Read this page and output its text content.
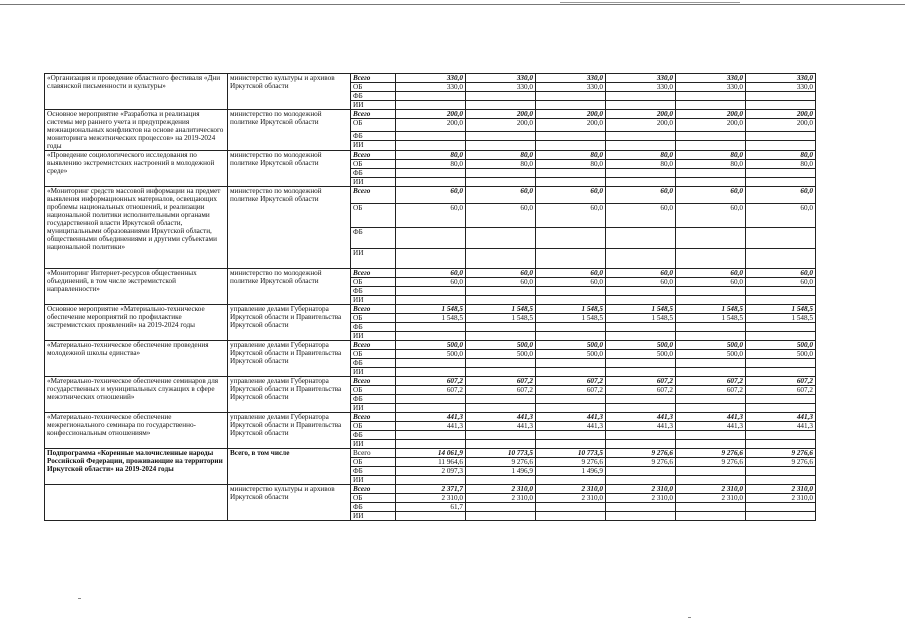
«Организация и проведение областного фестиваля «Дни славянской письменности и культуры»	министерство культуры и архивов Иркутской области	Всего	330,0	330,0	330,0	330,0	330,0	330,0
		ОБ	330,0	330,0	330,0	330,0	330,0	330,0
		ФБ						
		ИИ						
Основное мероприятие «Разработка и реализация системы мер раннего учета и предупреждения межнациональных конфликтов на основе аналитического мониторинга межэтнических процессов» на 2019-2024 годы	министерство по молодежной политике Иркутской области	Всего	200,0	200,0	200,0	200,0	200,0	200,0
		ОБ	200,0	200,0	200,0	200,0	200,0	200,0
		ФБ						
		ИИ						
«Проведение социологического исследования по выявлению экстремистских настроений в молодежной среде»	министерство по молодежной политике Иркутской области	Всего	80,0	80,0	80,0	80,0	80,0	80,0
		ОБ	80,0	80,0	80,0	80,0	80,0	80,0
		ФБ						
		ИИ						
«Мониторинг средств массовой информации на предмет выявления информационных материалов, освещающих проблемы национальных отношений, и реализации национальной политики исполнительными органами государственной власти Иркутской области, муниципальными образованиями Иркутской области, общественными объединениями и другими субъектами национальной политики»	министерство по молодежной политике Иркутской области	Всего	60,0	60,0	60,0	60,0	60,0	60,0
		ОБ	60,0	60,0	60,0	60,0	60,0	60,0
		ФБ						
		ИИ						
«Мониторинг Интернет-ресурсов общественных объединений, в том числе экстремистской направленности»	министерство по молодежной политике Иркутской области	Всего	60,0	60,0	60,0	60,0	60,0	60,0
		ОБ	60,0	60,0	60,0	60,0	60,0	60,0
		ФБ						
		ИИ						
Основное мероприятие «Материально-техническое обеспечение мероприятий по профилактике экстремистских проявлений» на 2019-2024 годы	управление делами Губернатора Иркутской области и Правительства Иркутской области	Всего	1 548,5	1 548,5	1 548,5	1 548,5	1 548,5	1 548,5
		ОБ	1 548,5	1 548,5	1 548,5	1 548,5	1 548,5	1 548,5
		ФБ						
		ИИ						
«Материально-техническое обеспечение проведения молодежной школы единства»	управление делами Губернатора Иркутской области и Правительства Иркутской области	Всего	500,0	500,0	500,0	500,0	500,0	500,0
		ОБ	500,0	500,0	500,0	500,0	500,0	500,0
		ФБ						
		ИИ						
«Материально-техническое обеспечение семинаров для государственных и муниципальных служащих в сфере межэтнических отношений»	управление делами Губернатора Иркутской области и Правительства Иркутской области	Всего	607,2	607,2	607,2	607,2	607,2	607,2
		ОБ	607,2	607,2	607,2	607,2	607,2	607,2
		ФБ						
		ИИ						
«Материально-техническое обеспечение межрегионального семинара по государственно-конфессиональным отношениям»	управление делами Губернатора Иркутской области и Правительства Иркутской области	Всего	441,3	441,3	441,3	441,3	441,3	441,3
		ОБ	441,3	441,3	441,3	441,3	441,3	441,3
		ФБ						
		ИИ						
Подпрограмма «Коренные малочисленные народы Российской Федерации, проживающие на территории Иркутской области» на 2019-2024 годы	Всего, в том числе	Всего	14 061,9	10 773,5	10 773,5	9 276,6	9 276,6	9 276,6
		ОБ	11 964,6	9 276,6	9 276,6	9 276,6	9 276,6	9 276,6
		ФБ	2 097,3	1 496,9	1 496,9			
		ИИ						
	министерство культуры и архивов Иркутской области	Всего	2 371,7	2 310,0	2 310,0	2 310,0	2 310,0	2 310,0
		ОБ	2 310,0	2 310,0	2 310,0	2 310,0	2 310,0	2 310,0
		ФБ	61,7					
		ИИ						
